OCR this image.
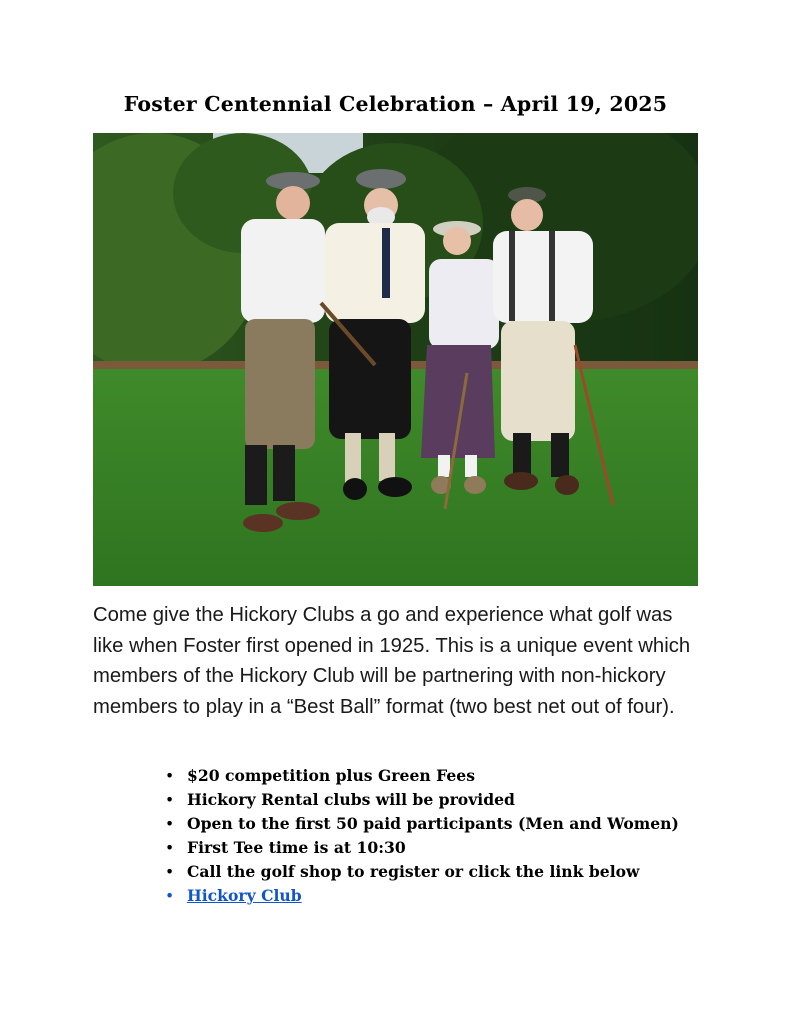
Foster Centennial Celebration – April 19, 2025
Come give the Hickory Clubs a go and experience what golf was like when Foster first opened in 1925. This is a unique event which members of the Hickory Club will be partnering with non-hickory members to play in a “Best Ball” format (two best net out of four).
• $20 competition plus Green Fees
• Hickory Rental clubs will be provided
• Open to the first 50 paid participants (Men and Women)
• First Tee time is at 10:30
• Call the golf shop to register or click the link below
• Hickory Club
